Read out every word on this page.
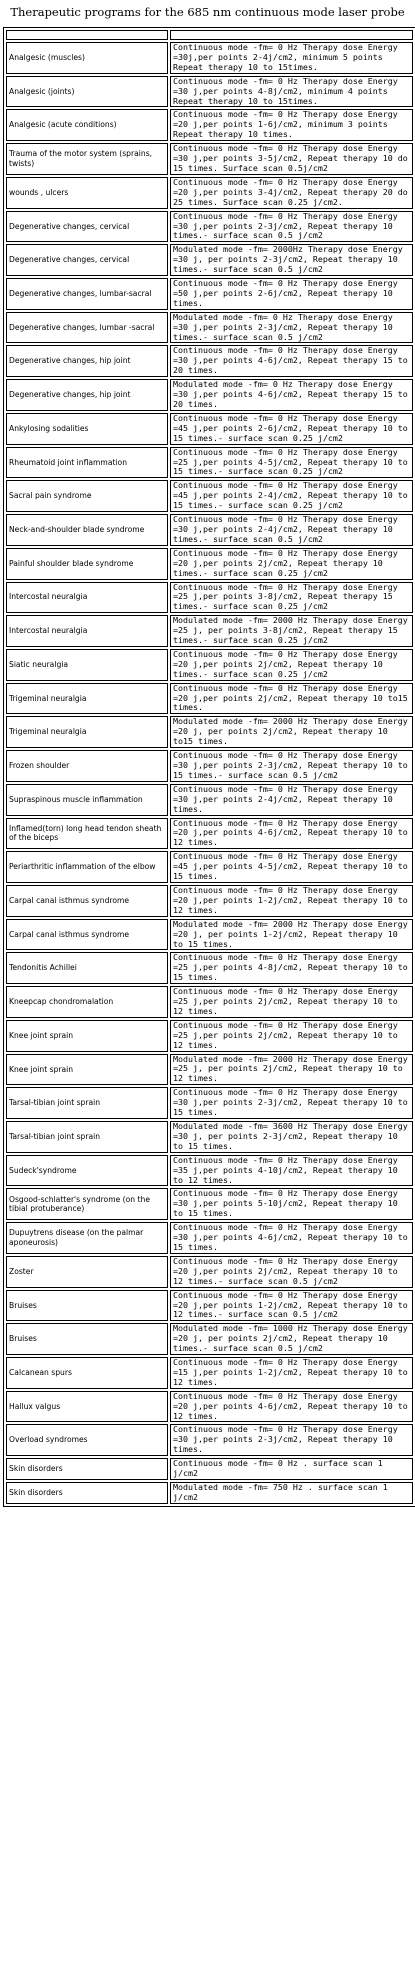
Therapeutic programs for the 685 nm continuous mode laser probe

Analgesic (muscles)	Continuous mode -fm= 0 Hz Therapy dose Energy =30j,per points 2-4j/cm2, minimum 5 points Repeat therapy 10 to 15times.
Analgesic (joints)	Continuous mode -fm= 0 Hz Therapy dose Energy =30 j,per points 4-8j/cm2, minimum 4 points Repeat therapy 10 to 15times.
Analgesic (acute conditions)	Continuous mode -fm= 0 Hz Therapy dose Energy =20 j,per points 1-6j/cm2, minimum 3 points Repeat therapy 10 times.
Trauma of the motor system (sprains, twists)	Continuous mode -fm= 0 Hz Therapy dose Energy =30 j,per points 3-5j/cm2, Repeat therapy 10 do 15 times. Surface scan 0.5j/cm2
wounds , ulcers	Continuous mode -fm= 0 Hz Therapy dose Energy =20 j,per points 3-4j/cm2, Repeat therapy 20 do 25 times. Surface scan 0.25 j/cm2.
Degenerative changes, cervical	Continuous mode -fm= 0 Hz Therapy dose Energy =30 j,per points 2-3j/cm2, Repeat therapy 10 times.- surface scan 0.5 j/cm2
Degenerative changes, cervical	Modulated mode -fm= 2000Hz Therapy dose Energy =30 j, per points 2-3j/cm2, Repeat therapy 10 times.- surface scan 0.5 j/cm2
Degenerative changes, lumbar-sacral	Continuous mode -fm= 0 Hz Therapy dose Energy =50 j,per points 2-6j/cm2, Repeat therapy 10 times.
Degenerative changes, lumbar -sacral	Modulated mode -fm= 0 Hz Therapy dose Energy =30 j,per points 2-3j/cm2, Repeat therapy 10 times.- surface scan 0.5 j/cm2
Degenerative changes, hip joint	Continuous mode -fm= 0 Hz Therapy dose Energy =30 j,per points 4-6j/cm2, Repeat therapy 15 to 20 times.
Degenerative changes, hip joint	Modulated mode -fm= 0 Hz Therapy dose Energy =30 j,per points 4-6j/cm2, Repeat therapy 15 to 20 times.
Ankylosing sodalities	Continuous mode -fm= 0 Hz Therapy dose Energy =45 j,per points 2-6j/cm2, Repeat therapy 10 to 15 times.- surface scan 0.25 j/cm2
Rheumatoid joint inflammation	Continuous mode -fm= 0 Hz Therapy dose Energy =25 j,per points 4-5j/cm2, Repeat therapy 10 to 15 times.- surface scan 0.25 j/cm2
Sacral pain syndrome	Continuous mode -fm= 0 Hz Therapy dose Energy =45 j,per points 2-4j/cm2, Repeat therapy 10 to 15 times.- surface scan 0.25 j/cm2
Neck-and-shoulder blade syndrome	Continuous mode -fm= 0 Hz Therapy dose Energy =30 j,per points 2-4j/cm2, Repeat therapy 10 times.- surface scan 0.5 j/cm2
Painful shoulder blade syndrome	Continuous mode -fm= 0 Hz Therapy dose Energy =20 j,per points 2j/cm2, Repeat therapy 10 times.- surface scan 0.25 j/cm2
Intercostal neuralgia	Continuous mode -fm= 0 Hz Therapy dose Energy =25 j,per points 3-8j/cm2, Repeat therapy 15 times.- surface scan 0.25 j/cm2
Intercostal neuralgia	Modulated mode -fm= 2000 Hz Therapy dose Energy =25 j, per points 3-8j/cm2, Repeat therapy 15 times.- surface scan 0.25 j/cm2
Siatic neuralgia	Continuous mode -fm= 0 Hz Therapy dose Energy =20 j,per points 2j/cm2, Repeat therapy 10 times.- surface scan 0.25 j/cm2
Trigeminal neuralgia	Continuous mode -fm= 0 Hz Therapy dose Energy =20 j,per points 2j/cm2, Repeat therapy 10 to15 times.
Trigeminal neuralgia	Modulated mode -fm= 2000 Hz Therapy dose Energy =20 j, per points 2j/cm2, Repeat therapy 10 to15 times.
Frozen shoulder	Continuous mode -fm= 0 Hz Therapy dose Energy =30 j,per points 2-3j/cm2, Repeat therapy 10 to 15 times.- surface scan 0.5 j/cm2
Supraspinous muscle inflammation	Continuous mode -fm= 0 Hz Therapy dose Energy =30 j,per points 2-4j/cm2, Repeat therapy 10 times.
Inflamed(torn) long head tendon sheath of the biceps	Continuous mode -fm= 0 Hz Therapy dose Energy =20 j,per points 4-6j/cm2, Repeat therapy 10 to 12 times.
Periarthritic inflammation of the elbow	Continuous mode -fm= 0 Hz Therapy dose Energy =45 j,per points 4-5j/cm2, Repeat therapy 10 to 15 times.
Carpal canal isthmus syndrome	Continuous mode -fm= 0 Hz Therapy dose Energy =20 j,per points 1-2j/cm2, Repeat therapy 10 to 12 times.
Carpal canal isthmus syndrome	Modulated mode -fm= 2000 Hz Therapy dose Energy =20 j, per points 1-2j/cm2, Repeat therapy 10 to 15 times.
Tendonitis Achillei	Continuous mode -fm= 0 Hz Therapy dose Energy =25 j,per points 4-8j/cm2, Repeat therapy 10 to 15 times.
Kneepcap chondromalation	Continuous mode -fm= 0 Hz Therapy dose Energy =25 j,per points 2j/cm2, Repeat therapy 10 to 12 times.
Knee joint sprain	Continuous mode -fm= 0 Hz Therapy dose Energy =25 j,per points 2j/cm2, Repeat therapy 10 to 12 times.
Knee joint sprain	Modulated mode -fm= 2000 Hz Therapy dose Energy =25 j, per points 2j/cm2, Repeat therapy 10 to 12 times.
Tarsal-tibian joint sprain	Continuous mode -fm= 0 Hz Therapy dose Energy =30 j,per points 2-3j/cm2, Repeat therapy 10 to 15 times.
Tarsal-tibian joint sprain	Modulated mode -fm= 3600 Hz Therapy dose Energy =30 j, per points 2-3j/cm2, Repeat therapy 10 to 15 times.
Sudeck'syndrome	Continuous mode -fm= 0 Hz Therapy dose Energy =35 j,per points 4-10j/cm2, Repeat therapy 10 to 12 times.
Osgood-schlatter's syndrome (on the tibial protuberance)	Continuous mode -fm= 0 Hz Therapy dose Energy =30 j,per points 5-10j/cm2, Repeat therapy 10 to 15 times.
Dupuytrens disease (on the palmar aponeurosis)	Continuous mode -fm= 0 Hz Therapy dose Energy =30 j,per points 4-6j/cm2, Repeat therapy 10 to 15 times.
Zoster	Continuous mode -fm= 0 Hz Therapy dose Energy =20 j,per points 2j/cm2, Repeat therapy 10 to 12 times.- surface scan 0.5 j/cm2
Bruises	Continuous mode -fm= 0 Hz Therapy dose Energy =20 j,per points 1-2j/cm2, Repeat therapy 10 to 12 times.- surface scan 0.5 j/cm2
Bruises	Modulated mode -fm= 1000 Hz Therapy dose Energy =20 j, per points 2j/cm2, Repeat therapy 10 times.- surface scan 0.5 j/cm2
Calcanean spurs	Continuous mode -fm= 0 Hz Therapy dose Energy =15 j,per points 1-2j/cm2, Repeat therapy 10 to 12 times.
Hallux valgus	Continuous mode -fm= 0 Hz Therapy dose Energy =20 j,per points 4-6j/cm2, Repeat therapy 10 to 12 times.
Overload syndromes	Continuous mode -fm= 0 Hz Therapy dose Energy =30 j,per points 2-3j/cm2, Repeat therapy 10 times.
Skin disorders	Continuous mode -fm= 0 Hz . surface scan 1 j/cm2
Skin disorders	Modulated mode -fm= 750 Hz . surface scan 1 j/cm2
